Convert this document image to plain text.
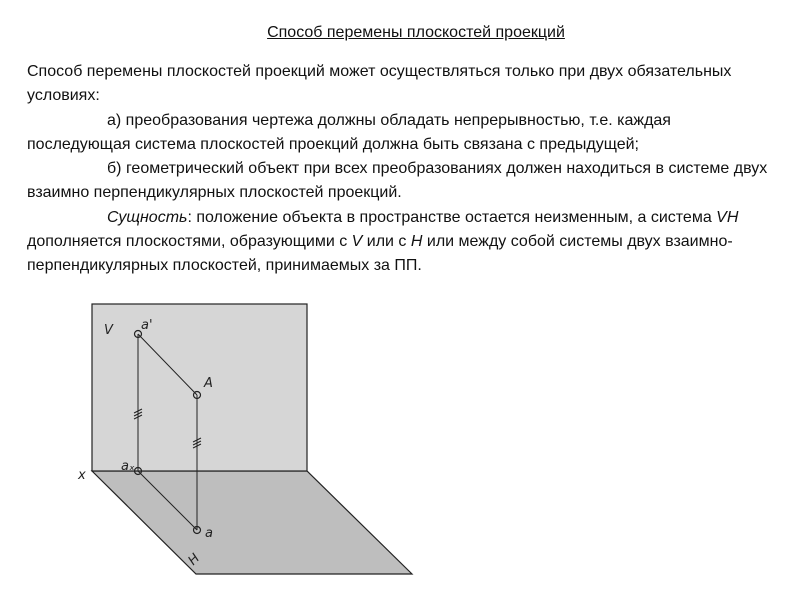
Способ перемены плоскостей проекций

Способ перемены плоскостей проекций может осуществляться только при двух обязательных условиях:

а) преобразования чертежа должны обладать непрерывностью, т.е. каждая последующая система плоскостей проекций должна быть связана с предыдущей;

б) геометрический объект при всех преобразованиях должен находиться в системе двух взаимно перпендикулярных плоскостей проекций.

Сущность: положение объекта в пространстве остается неизменным, а система VH дополняется плоскостями, образующими с V или с H или между собой системы двух взаимно-перпендикулярных плоскостей, принимаемых за ПП.

V a'
A
aₓ
x
a
H
